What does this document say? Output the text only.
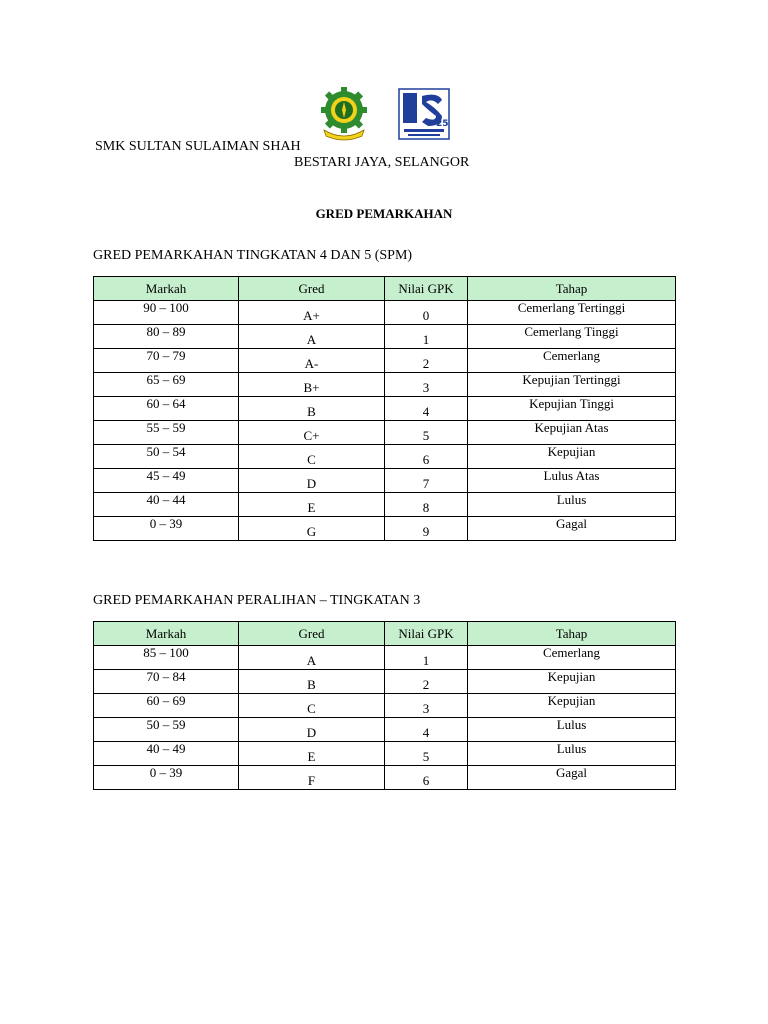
25
SMK SULTAN SULAIMAN SHAH
BESTARI JAYA, SELANGOR
GRED PEMARKAHAN
GRED PEMARKAHAN TINGKATAN 4 DAN 5 (SPM)
Markah	Gred	Nilai GPK	Tahap
90 – 100	A+	0	Cemerlang Tertinggi
80 – 89	A	1	Cemerlang Tinggi
70 – 79	A-	2	Cemerlang
65 – 69	B+	3	Kepujian Tertinggi
60 – 64	B	4	Kepujian Tinggi
55 – 59	C+	5	Kepujian Atas
50 – 54	C	6	Kepujian
45 – 49	D	7	Lulus Atas
40 – 44	E	8	Lulus
0 – 39	G	9	Gagal
GRED PEMARKAHAN PERALIHAN – TINGKATAN 3
Markah	Gred	Nilai GPK	Tahap
85 – 100	A	1	Cemerlang
70 – 84	B	2	Kepujian
60 – 69	C	3	Kepujian
50 – 59	D	4	Lulus
40 – 49	E	5	Lulus
0 – 39	F	6	Gagal
